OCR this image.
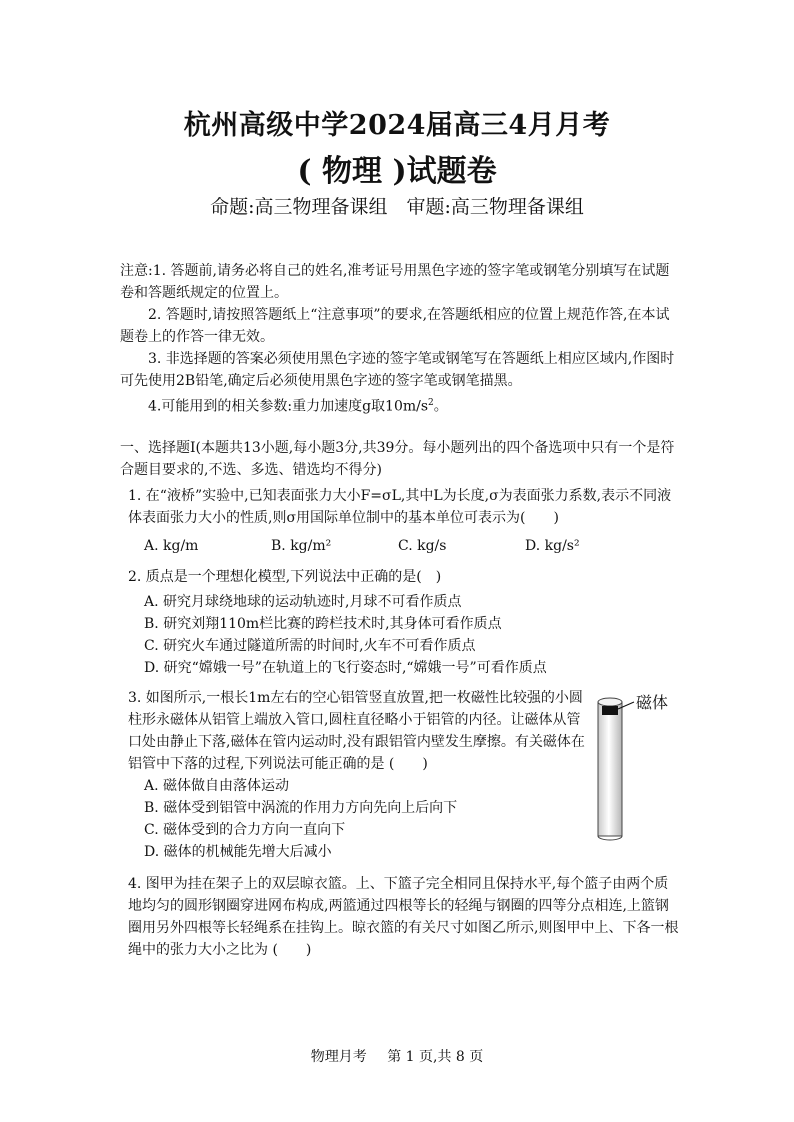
杭州高级中学2024届高三4月月考
( 物理 )试题卷
命题:高三物理备课组　审题:高三物理备课组

注意:1. 答题前,请务必将自己的姓名,准考证号用黑色字迹的签字笔或钢笔分别填写在试题卷和答题纸规定的位置上。

2. 答题时,请按照答题纸上“注意事项”的要求,在答题纸相应的位置上规范作答,在本试题卷上的作答一律无效。

3. 非选择题的答案必须使用黑色字迹的签字笔或钢笔写在答题纸上相应区域内,作图时可先使用2B铅笔,确定后必须使用黑色字迹的签字笔或钢笔描黑。

4.可能用到的相关参数:重力加速度g取$10m/s^2$。

一、选择题Ⅰ(本题共13小题,每小题3分,共39分。每小题列出的四个备选项中只有一个是符合题目要求的,不选、多选、错选均不得分)

1. 在“液桥”实验中,已知表面张力大小F=σL,其中L为长度,σ为表面张力系数,表示不同液体表面张力大小的性质,则σ用国际单位制中的基本单位可表示为(　　)

A. kg/m	B. kg/m²	C. kg/s	D. kg/s²

2. 质点是一个理想化模型,下列说法中正确的是(　)

A. 研究月球绕地球的运动轨迹时,月球不可看作质点

B. 研究刘翔110m栏比赛的跨栏技术时,其身体可看作质点

C. 研究火车通过隧道所需的时间时,火车不可看作质点

D. 研究“嫦娥一号”在轨道上的飞行姿态时,“嫦娥一号”可看作质点

3. 如图所示,一根长1m左右的空心铝管竖直放置,把一枚磁性比较强的小圆柱形永磁体从铝管上端放入管口,圆柱直径略小于铝管的内径。让磁体从管口处由静止下落,磁体在管内运动时,没有跟铝管内壁发生摩擦。有关磁体在铝管中下落的过程,下列说法可能正确的是 (　　)

A. 磁体做自由落体运动

B. 磁体受到铝管中涡流的作用力方向先向上后向下

C. 磁体受到的合力方向一直向下

D. 磁体的机械能先增大后减小

磁体

4. 图甲为挂在架子上的双层晾衣篮。上、下篮子完全相同且保持水平,每个篮子由两个质地均匀的圆形钢圈穿进网布构成,两篮通过四根等长的轻绳与钢圈的四等分点相连,上篮钢圈用另外四根等长轻绳系在挂钩上。晾衣篮的有关尺寸如图乙所示,则图甲中上、下各一根绳中的张力大小之比为 (　　)

物理月考 第 1 页,共 8 页
